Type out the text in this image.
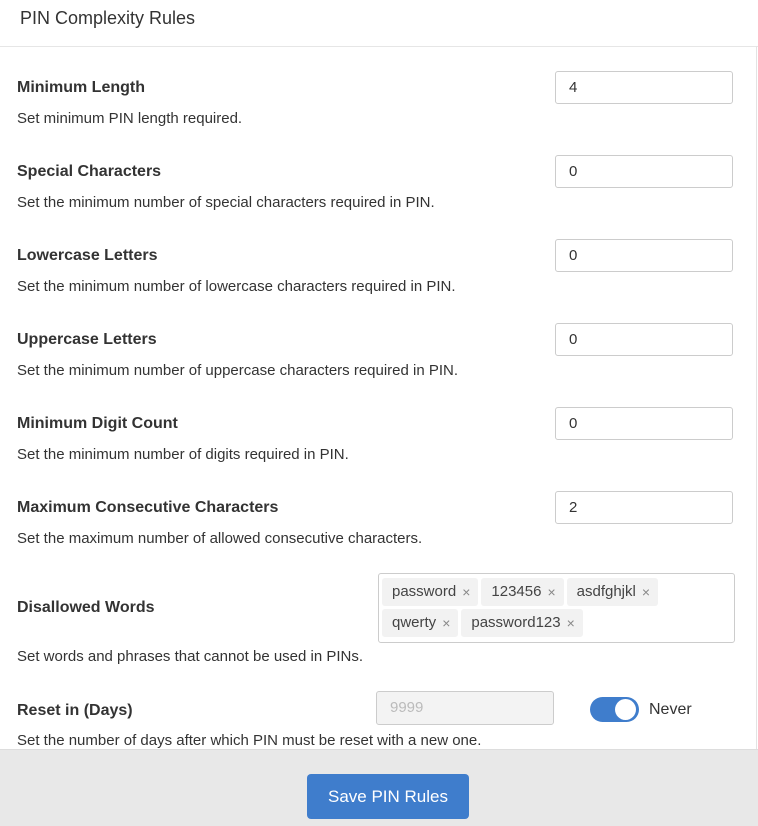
PIN Complexity Rules
Minimum Length	4
Set minimum PIN length required.
Special Characters	0
Set the minimum number of special characters required in PIN.
Lowercase Letters	0
Set the minimum number of lowercase characters required in PIN.
Uppercase Letters	0
Set the minimum number of uppercase characters required in PIN.
Minimum Digit Count	0
Set the minimum number of digits required in PIN.
Maximum Consecutive Characters	2
Set the maximum number of allowed consecutive characters.
Disallowed Words
password × 123456 × asdfghjkl ×
qwerty × password123 ×
Set words and phrases that cannot be used in PINs.
Reset in (Days)	9999	Never
Set the number of days after which PIN must be reset with a new one.
Save PIN Rules
